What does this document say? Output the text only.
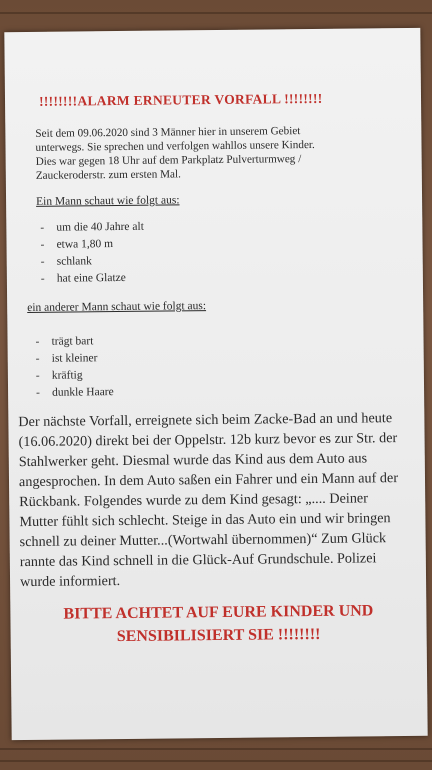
!!!!!!!!ALARM ERNEUTER VORFALL !!!!!!!!
Seit dem 09.06.2020 sind 3 Männer hier in unserem Gebiet
unterwegs. Sie sprechen und verfolgen wahllos unsere Kinder.
Dies war gegen 18 Uhr auf dem Parkplatz Pulverturmweg /
Zauckeroderstr. zum ersten Mal.
Ein Mann schaut wie folgt aus:
- um die 40 Jahre alt
- etwa 1,80 m
- schlank
- hat eine Glatze
ein anderer Mann schaut wie folgt aus:
- trägt bart
- ist kleiner
- kräftig
- dunkle Haare
Der nächste Vorfall, erreignete sich beim Zacke-Bad an und heute
(16.06.2020) direkt bei der Oppelstr. 12b kurz bevor es zur Str. der
Stahlwerker geht. Diesmal wurde das Kind aus dem Auto aus
angesprochen. In dem Auto saßen ein Fahrer und ein Mann auf der
Rückbank. Folgendes wurde zu dem Kind gesagt: „.... Deiner
Mutter fühlt sich schlecht. Steige in das Auto ein und wir bringen
schnell zu deiner Mutter...(Wortwahl übernommen)“ Zum Glück
rannte das Kind schnell in die Glück-Auf Grundschule. Polizei
wurde informiert.
BITTE ACHTET AUF EURE KINDER UND
SENSIBILISIERT SIE !!!!!!!!
